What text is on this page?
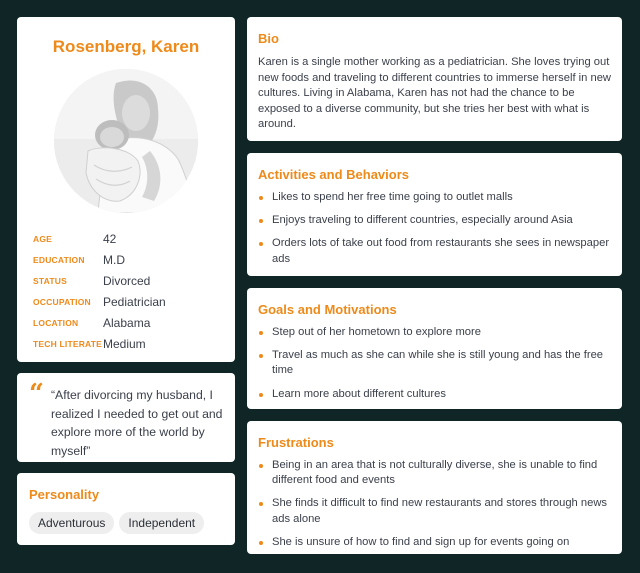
Rosenberg, Karen
AGE	42
EDUCATION	M.D
STATUS	Divorced
OCCUPATION	Pediatrician
LOCATION	Alabama
TECH LITERATE Medium
“ “After divorcing my husband, I realized I needed to get out and explore more of the world by myself”

Personality
Adventurous	Independent
Bio

Karen is a single mother working as a pediatrician. She loves trying out new foods and traveling to different countries to immerse herself in new cultures. Living in Alabama, Karen has not had the chance to be exposed to a diverse community, but she tries her best with what is around.

Activities and Behaviors
Likes to spend her free time going to outlet malls
Enjoys traveling to different countries, especially around Asia
Orders lots of take out food from restaurants she sees in newspaper ads
Goals and Motivations
Step out of her hometown to explore more
Travel as much as she can while she is still young and has the free time
Learn more about different cultures
Frustrations
Being in an area that is not culturally diverse, she is unable to find different food and events
She finds it difficult to find new restaurants and stores through news ads alone
She is unsure of how to find and sign up for events going on
